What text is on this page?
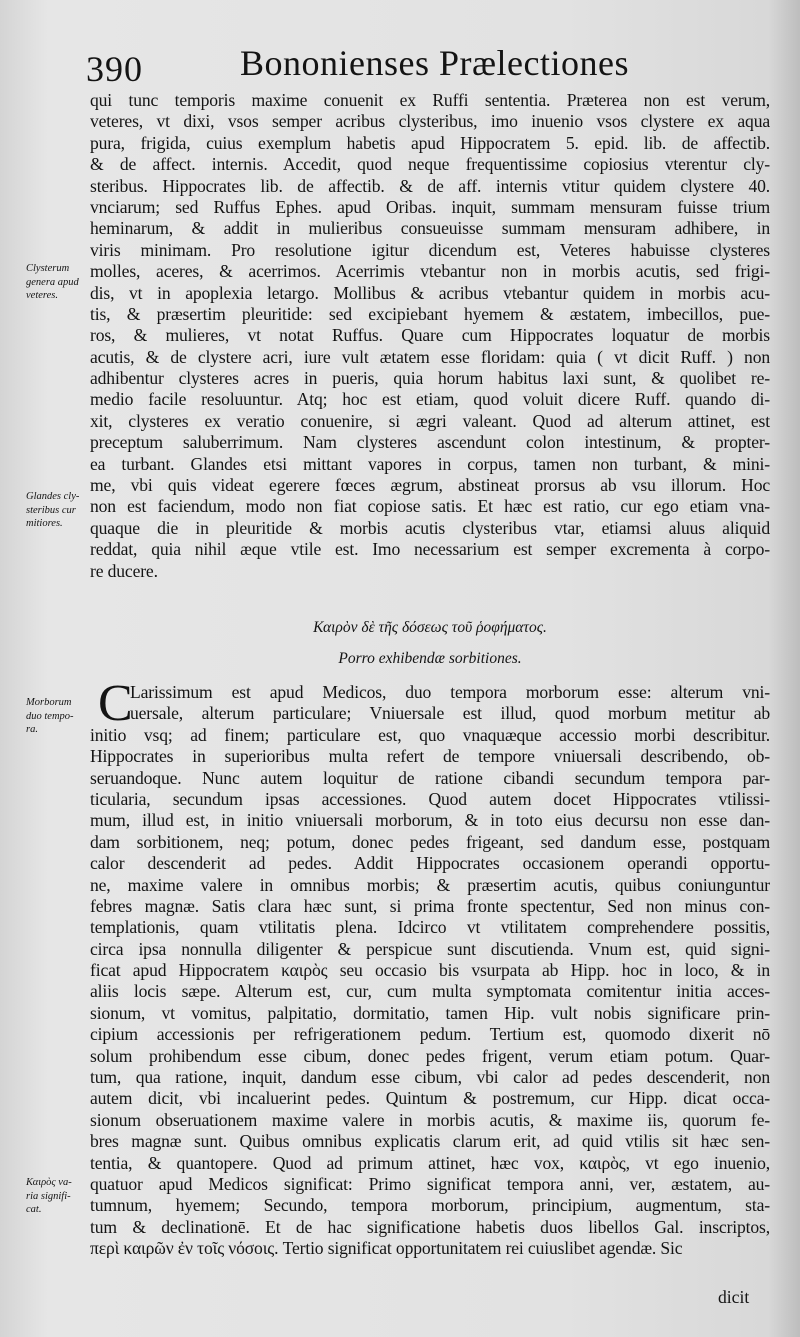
390	Bononienses Prælectiones
qui tunc temporis maxime conuenit ex Ruffi sententia. Præterea non est verum,
veteres, vt dixi, vsos semper acribus clysteribus, imo inuenio vsos clystere ex aqua
pura, frigida, cuius exemplum habetis apud Hippocratem 5. epid. lib. de affectib.
& de affect. internis. Accedit, quod neque frequentissime copiosius vterentur cly-
steribus. Hippocrates lib. de affectib. & de aff. internis vtitur quidem clystere 40.
vnciarum; sed Ruffus Ephes. apud Oribas. inquit, summam mensuram fuisse trium
heminarum, & addit in mulieribus consueuisse summam mensuram adhibere, in
viris minimam. Pro resolutione igitur dicendum est, Veteres habuisse clysteres
molles, aceres, & acerrimos. Acerrimis vtebantur non in morbis acutis, sed frigi-
dis, vt in apoplexia letargo. Mollibus & acribus vtebantur quidem in morbis acu-
tis, & præsertim pleuritide: sed excipiebant hyemem & æstatem, imbecillos, pue-
ros, & mulieres, vt notat Ruffus. Quare cum Hippocrates loquatur de morbis
acutis, & de clystere acri, iure vult ætatem esse floridam: quia ( vt dicit Ruff. ) non
adhibentur clysteres acres in pueris, quia horum habitus laxi sunt, & quolibet re-
medio facile resoluuntur. Atq; hoc est etiam, quod voluit dicere Ruff. quando di-
xit, clysteres ex veratio conuenire, si ægri valeant. Quod ad alterum attinet, est
preceptum saluberrimum. Nam clysteres ascendunt colon intestinum, & propter-
ea turbant. Glandes etsi mittant vapores in corpus, tamen non turbant, & mini-
me, vbi quis videat egerere fœces ægrum, abstineat prorsus ab vsu illorum. Hoc
non est faciendum, modo non fiat copiose satis. Et hæc est ratio, cur ego etiam vna-
quaque die in pleuritide & morbis acutis clysteribus vtar, etiamsi aluus aliquid
reddat, quia nihil æque vtile est. Imo necessarium est semper excrementa à corpo-
re ducere.
Clysterum
genera apud
veteres.
Glandes cly-
steribus cur
mitiores.
Morborum
duo tempo-
ra.
Καιρὸς va-
ria signifi-
cat.
Καιρὸν δὲ τῆς δόσεως τοῦ ῥοφήματος.
Porro exhibendæ sorbitiones.
C
Larissimum est apud Medicos, duo tempora morborum esse: alterum vni-
uersale, alterum particulare; Vniuersale est illud, quod morbum metitur ab
initio vsq; ad finem; particulare est, quo vnaquæque accessio morbi describitur.
Hippocrates in superioribus multa refert de tempore vniuersali describendo, ob-
seruandoque. Nunc autem loquitur de ratione cibandi secundum tempora par-
ticularia, secundum ipsas accessiones. Quod autem docet Hippocrates vtilissi-
mum, illud est, in initio vniuersali morborum, & in toto eius decursu non esse dan-
dam sorbitionem, neq; potum, donec pedes frigeant, sed dandum esse, postquam
calor descenderit ad pedes. Addit Hippocrates occasionem operandi opportu-
ne, maxime valere in omnibus morbis; & præsertim acutis, quibus coniunguntur
febres magnæ. Satis clara hæc sunt, si prima fronte spectentur, Sed non minus con-
templationis, quam vtilitatis plena. Idcirco vt vtilitatem comprehendere possitis,
circa ipsa nonnulla diligenter & perspicue sunt discutienda. Vnum est, quid signi-
ficat apud Hippocratem καιρὸς seu occasio bis vsurpata ab Hipp. hoc in loco, & in
aliis locis sæpe. Alterum est, cur, cum multa symptomata comitentur initia acces-
sionum, vt vomitus, palpitatio, dormitatio, tamen Hip. vult nobis significare prin-
cipium accessionis per refrigerationem pedum. Tertium est, quomodo dixerit nō
solum prohibendum esse cibum, donec pedes frigent, verum etiam potum. Quar-
tum, qua ratione, inquit, dandum esse cibum, vbi calor ad pedes descenderit, non
autem dicit, vbi incaluerint pedes. Quintum & postremum, cur Hipp. dicat occa-
sionum obseruationem maxime valere in morbis acutis, & maxime iis, quorum fe-
bres magnæ sunt. Quibus omnibus explicatis clarum erit, ad quid vtilis sit hæc sen-
tentia, & quantopere. Quod ad primum attinet, hæc vox, καιρὸς, vt ego inuenio,
quatuor apud Medicos significat: Primo significat tempora anni, ver, æstatem, au-
tumnum, hyemem; Secundo, tempora morborum, principium, augmentum, sta-
tum & declinationē. Et de hac significatione habetis duos libellos Gal. inscriptos,
περὶ καιρῶν ἐν τοῖς νόσοις. Tertio significat opportunitatem rei cuiuslibet agendæ. Sic
dicit
